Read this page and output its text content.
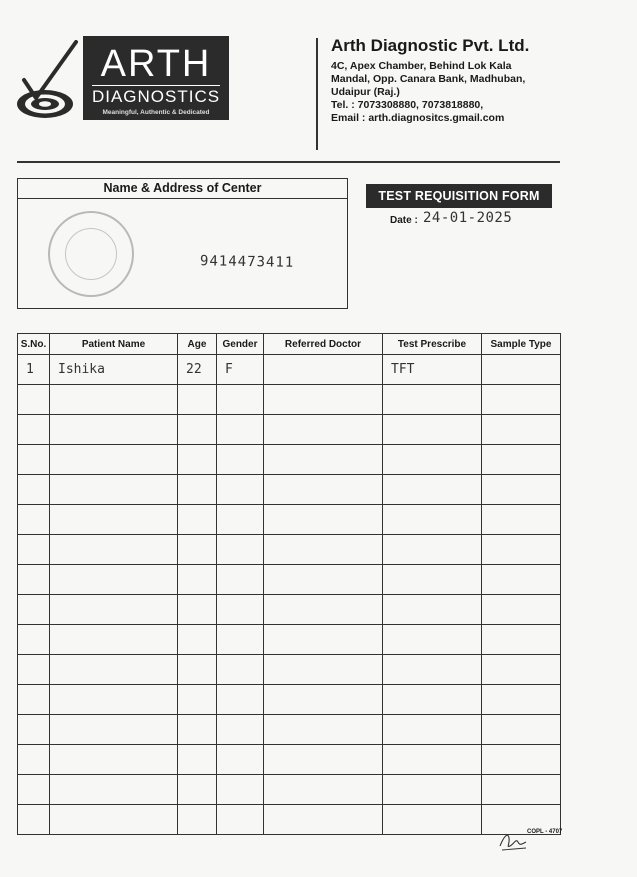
ARTH
DIAGNOSTICS
Meaningful, Authentic & Dedicated
Arth Diagnostic Pvt. Ltd.
4C, Apex Chamber, Behind Lok Kala
Mandal, Opp. Canara Bank, Madhuban,
Udaipur (Raj.)
Tel. : 7073308880, 7073818880,
Email : arth.diagnositcs.gmail.com
Name & Address of Center
9414473411
TEST REQUISITION FORM
Date : 24-01-2025
S.No.	Patient Name	Age	Gender	Referred Doctor	Test Prescribe	Sample Type
1	Ishika	22	F		TFT	

COPL - 4707
